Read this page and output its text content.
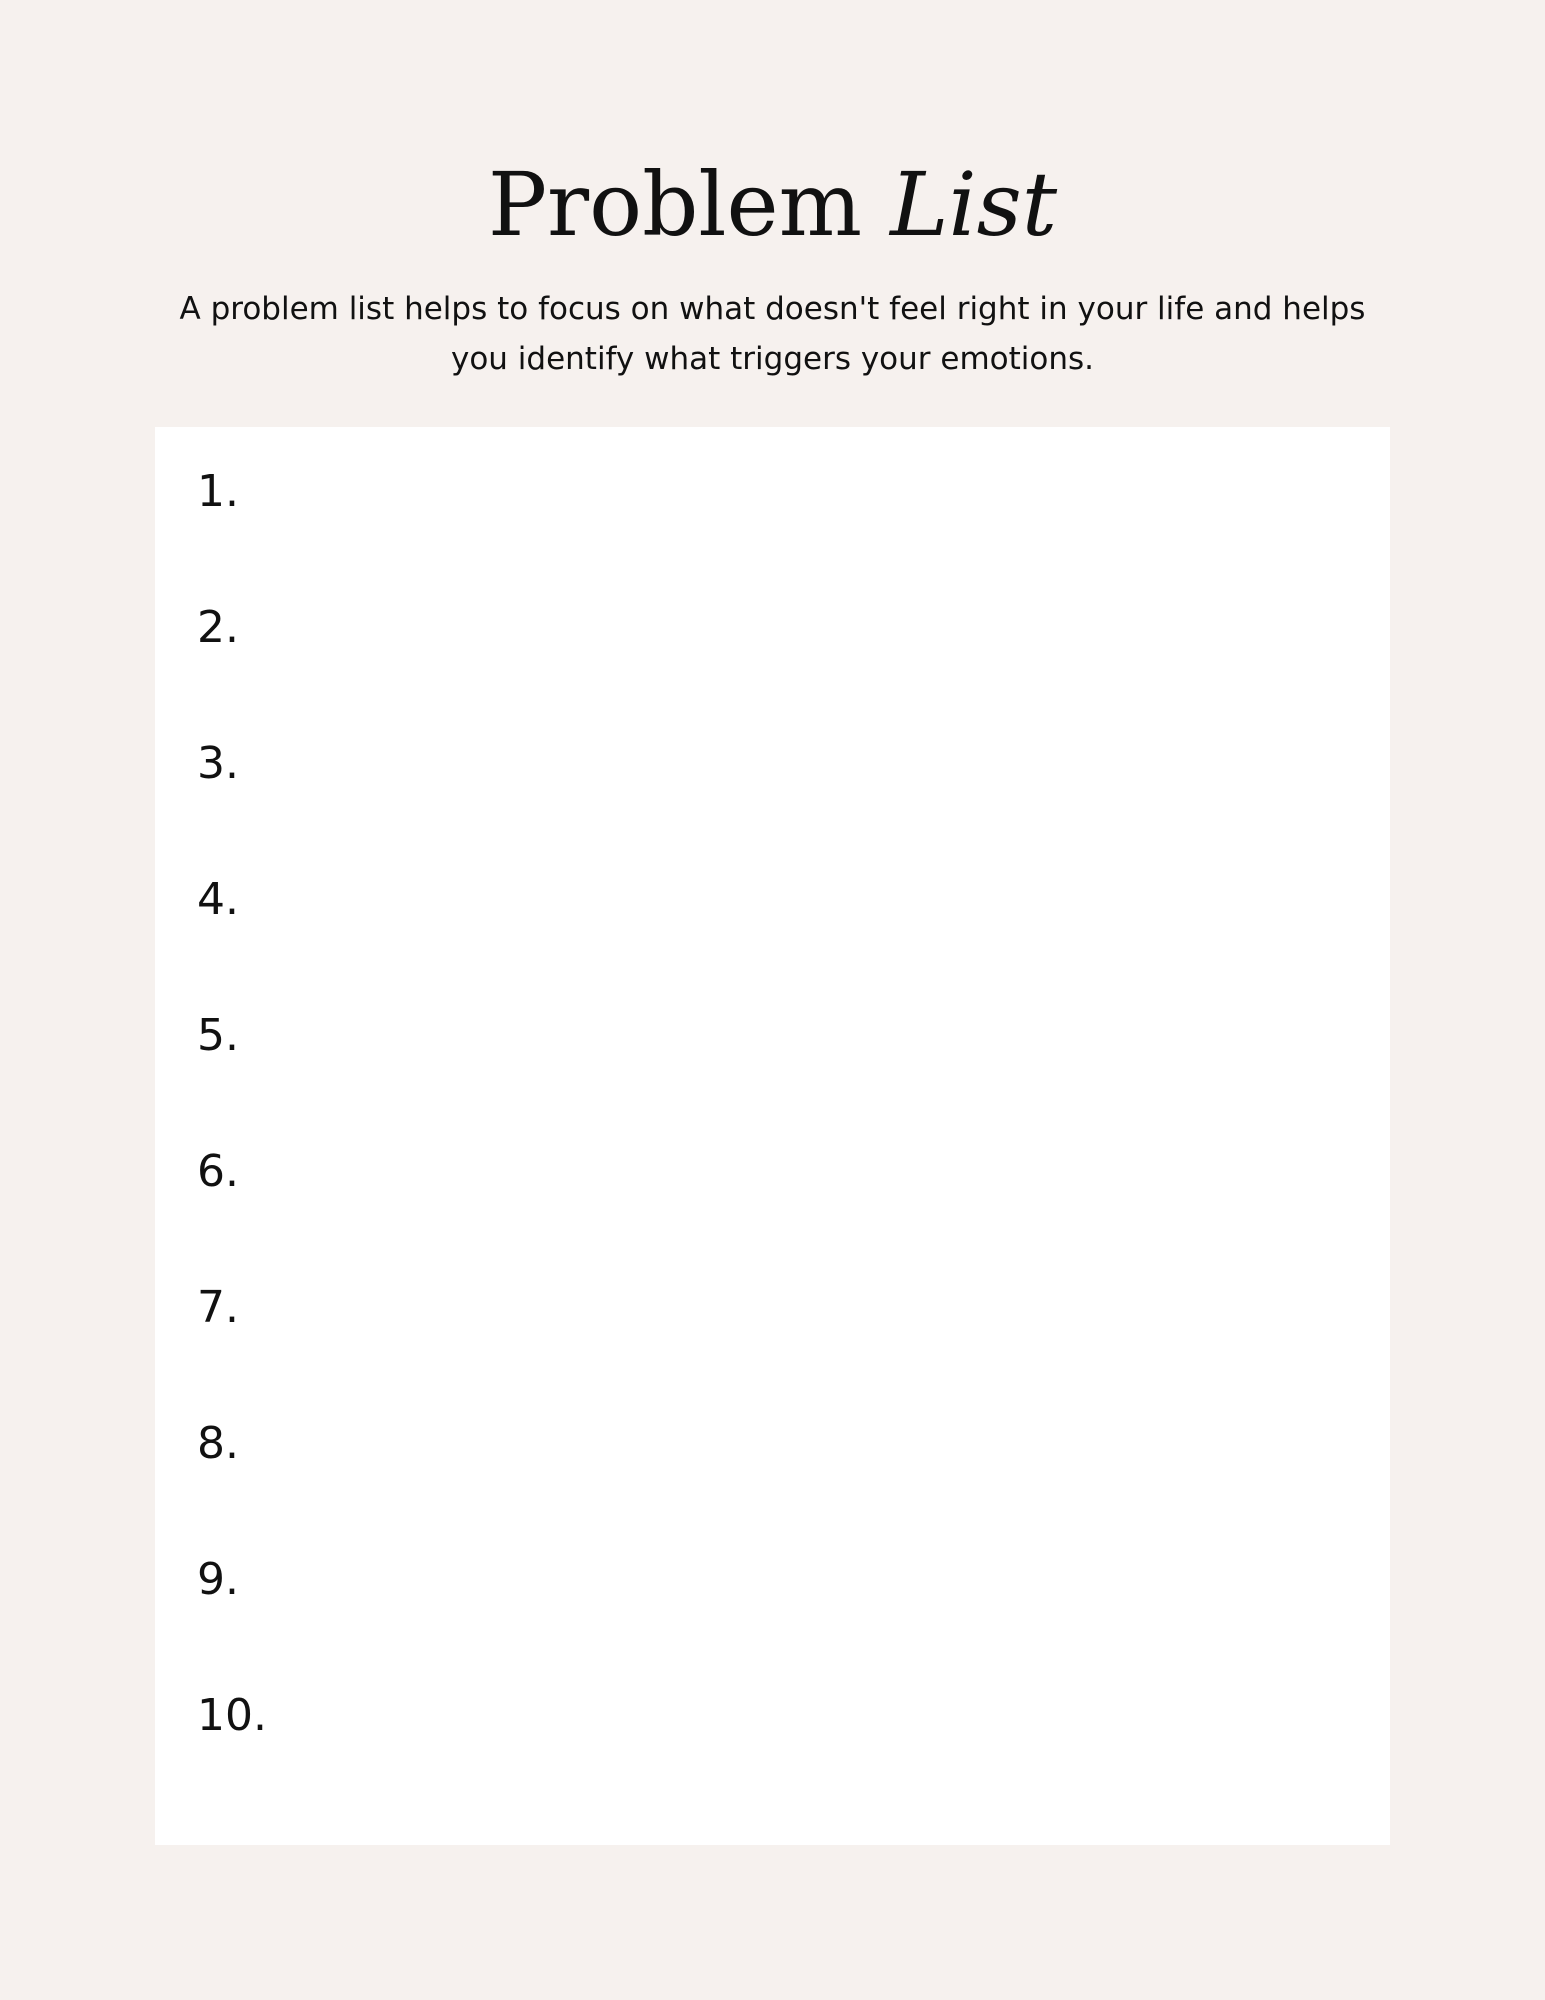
Problem List

A problem list helps to focus on what doesn't feel right in your life and helps you identify what triggers your emotions.

1.
2.
3.
4.
5.
6.
7.
8.
9.
10.
